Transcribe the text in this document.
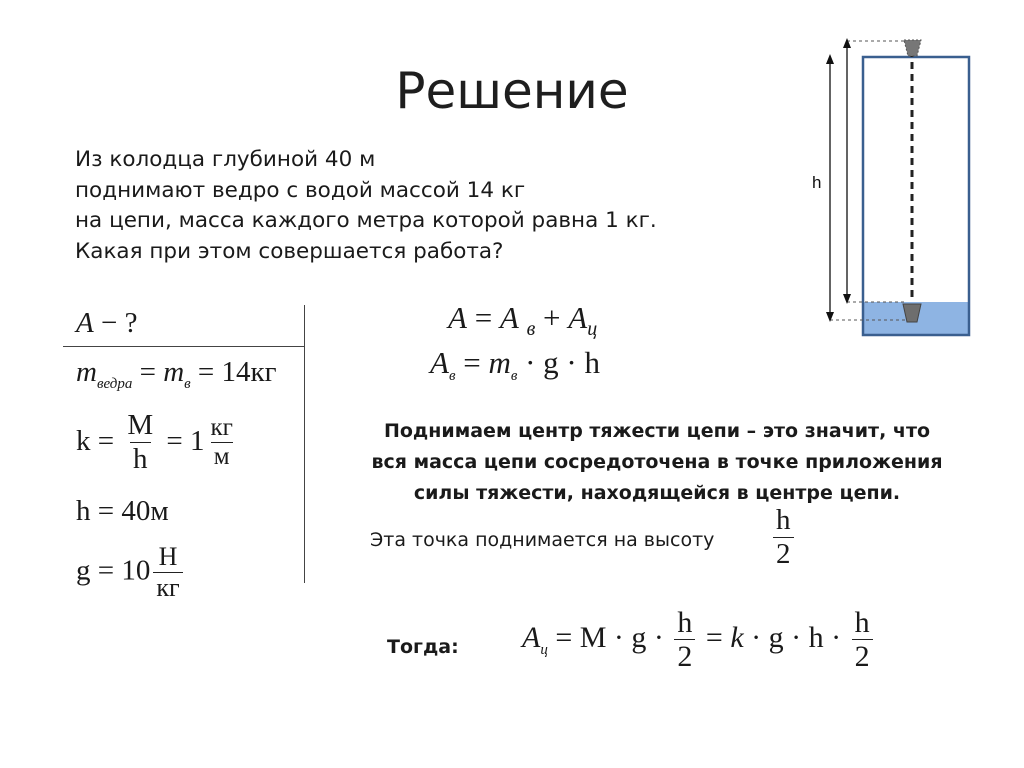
Решение
Из колодца глубиной 40 м
поднимают ведро с водой массой 14 кг
на цепи, масса каждого метра которой равна 1 кг.
Какая при этом совершается работа?
A − ?
$m_{ведра} = m_в = 14кг$
$k = \frac{M}{h} = 1 \frac{кг}{м}$
h = 40м
$g = 10 \frac{Н}{кг}$
A = A $_в + A_ц$
$A_в = m_в \cdot g \cdot h$
Поднимаем центр тяжести цепи – это значит, что
вся масса цепи сосредоточена в точке приложения
силы тяжести, находящейся в центре цепи.
Эта точка поднимается на высоту $\frac{h}{2}$
Тогда: $A_ц = M \cdot g \cdot \frac{h}{2} = k \cdot g \cdot h \cdot \frac{h}{2}$
h
